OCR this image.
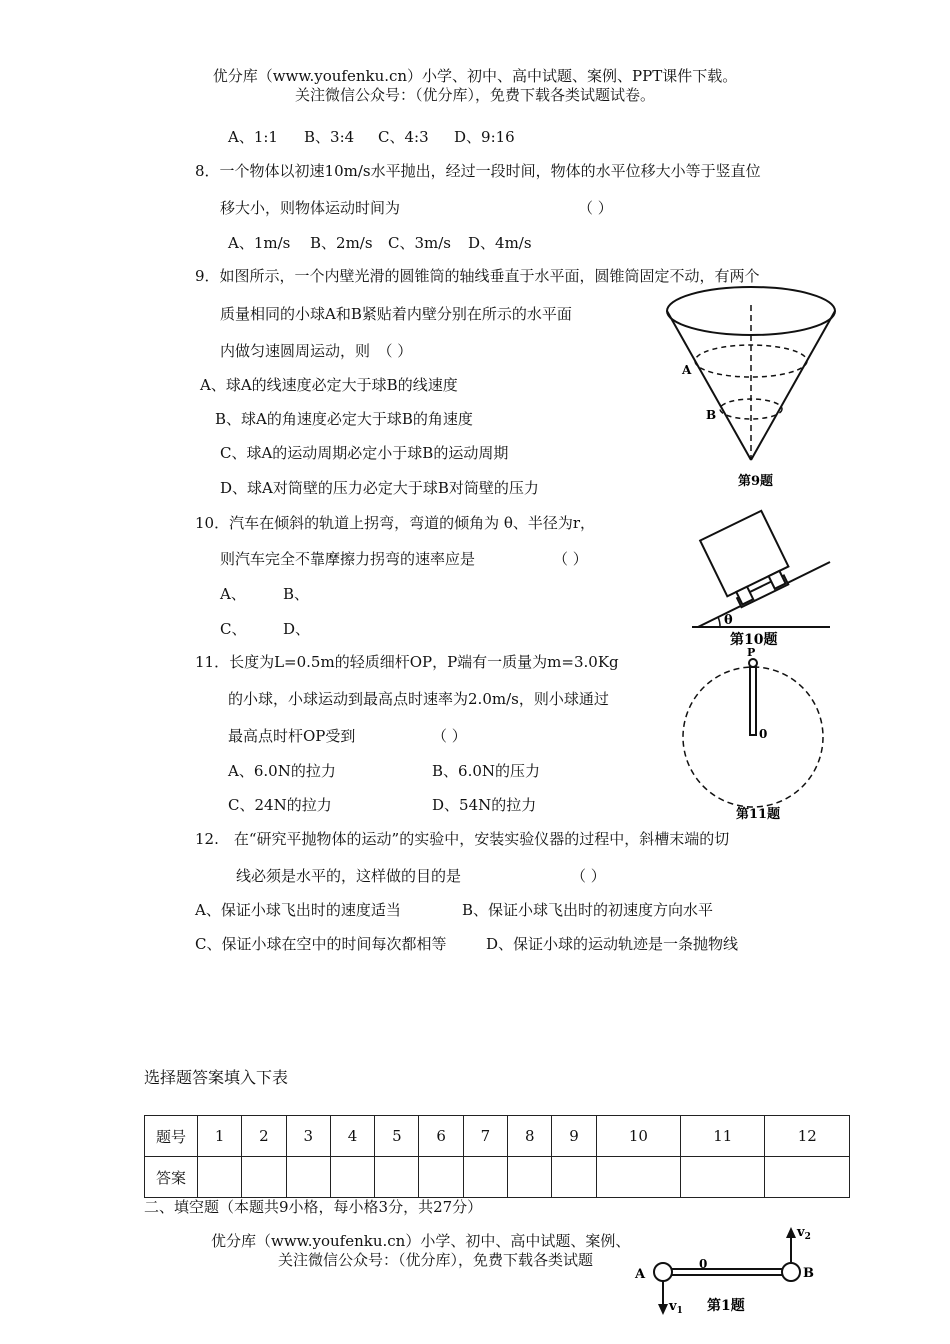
优分库（www.youfenku.cn）小学、初中、高中试题、案例、PPT课件下载。
关注微信公众号：（优分库），免费下载各类试题试卷。
A、1:1 B、3:4 C、4:3 D、9:16
8．一个物体以初速10m/s水平抛出，经过一段时间，物体的水平位移大小等于竖直位
移大小，则物体运动时间为	（ ）
A、1m/s B、2m/s C、3m/s D、4m/s
9．如图所示，一个内壁光滑的圆锥筒的轴线垂直于水平面，圆锥筒固定不动，有两个
质量相同的小球A和B紧贴着内壁分别在所示的水平面
内做匀速圆周运动，则　（ ）
A、球A的线速度必定大于球B的线速度
B、球A的角速度必定大于球B的角速度
C、球A的运动周期必定小于球B的运动周期
D、球A对筒壁的压力必定大于球B对筒壁的压力
A
B
第9题
10．汽车在倾斜的轨道上拐弯，弯道的倾角为 θ、半径为r，
则汽车完全不靠摩擦力拐弯的速率应是	（ ）
A、 B、
C、 D、	θ
第10题
11．长度为L=0.5m的轻质细杆OP，P端有一质量为m=3.0Kg
的小球，小球运动到最高点时速率为2.0m/s，则小球通过
最高点时杆OP受到	（ ）
A、6.0N的拉力	B、6.0N的压力
C、24N的拉力	D、54N的拉力
P
0
第11题
12.　在“研究平抛物体的运动”的实验中，安装实验仪器的过程中，斜槽末端的切
线必须是水平的，这样做的目的是	（ ）
A、保证小球飞出时的速度适当	B、保证小球飞出时的初速度方向水平
C、保证小球在空中的时间每次都相等	D、保证小球的运动轨迹是一条抛物线
选择题答案填入下表
题号	1	2	3	4	5	6	7	8	9	10	11	12
答案												
二、填空题（本题共9小格，每小格3分，共27分）
优分库（www.youfenku.cn）小学、初中、高中试题、案例、
关注微信公众号：（优分库），免费下载各类试题
A	B
0
$v_2$
$v_1$ 第1题
